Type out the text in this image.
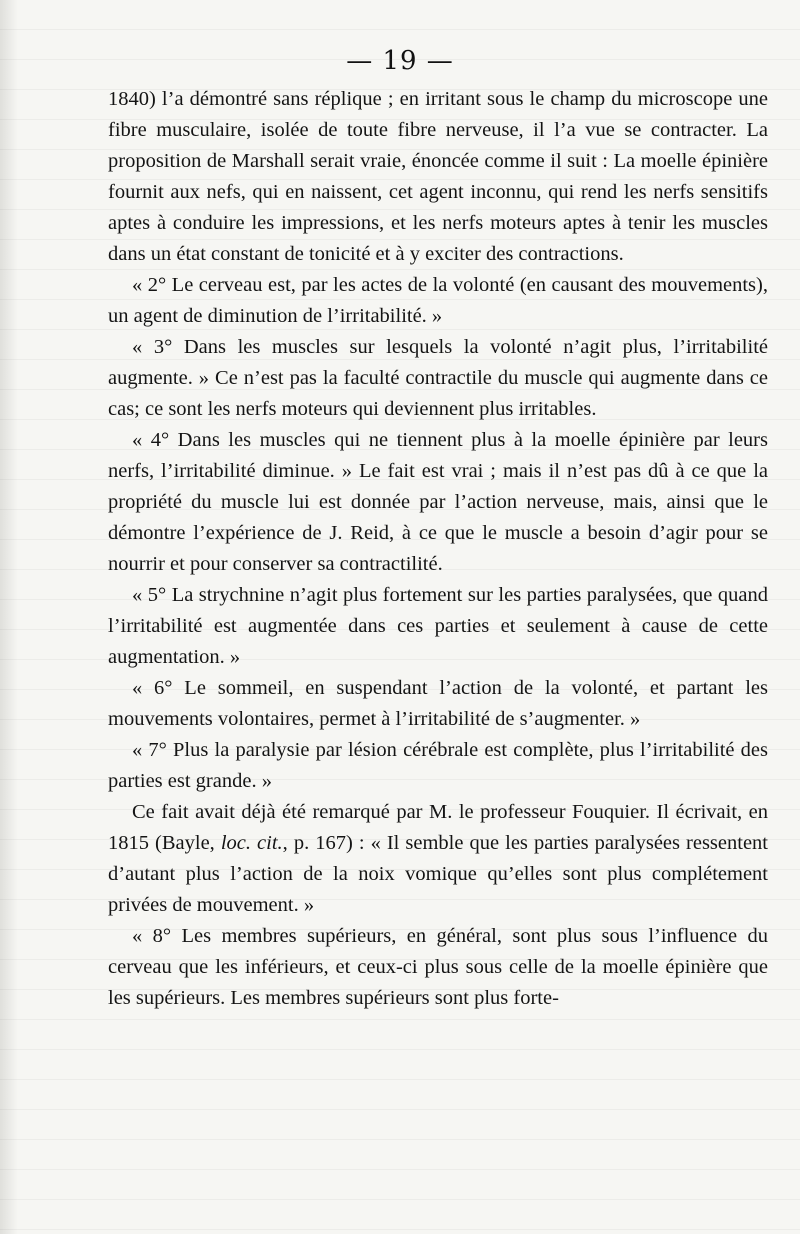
— 19 —

1840) l’a démontré sans réplique ; en irritant sous le champ du microscope une fibre musculaire, isolée de toute fibre nerveuse, il l’a vue se contracter. La proposition de Marshall serait vraie, énoncée comme il suit : La moelle épinière fournit aux nefs, qui en naissent, cet agent inconnu, qui rend les nerfs sensitifs aptes à conduire les impressions, et les nerfs moteurs aptes à tenir les muscles dans un état constant de tonicité et à y exciter des contractions.

« 2° Le cerveau est, par les actes de la volonté (en causant des mouvements), un agent de diminution de l’irritabilité. »

« 3° Dans les muscles sur lesquels la volonté n’agit plus, l’irritabilité augmente. » Ce n’est pas la faculté contractile du muscle qui augmente dans ce cas; ce sont les nerfs moteurs qui deviennent plus irritables.

« 4° Dans les muscles qui ne tiennent plus à la moelle épinière par leurs nerfs, l’irritabilité diminue. » Le fait est vrai ; mais il n’est pas dû à ce que la propriété du muscle lui est donnée par l’action nerveuse, mais, ainsi que le démontre l’expérience de J. Reid, à ce que le muscle a besoin d’agir pour se nourrir et pour conserver sa contractilité.

« 5° La strychnine n’agit plus fortement sur les parties paralysées, que quand l’irritabilité est augmentée dans ces parties et seulement à cause de cette augmentation. »

« 6° Le sommeil, en suspendant l’action de la volonté, et partant les mouvements volontaires, permet à l’irritabilité de s’augmenter. »

« 7° Plus la paralysie par lésion cérébrale est complète, plus l’irritabilité des parties est grande. »

Ce fait avait déjà été remarqué par M. le professeur Fouquier. Il écrivait, en 1815 (Bayle, loc. cit., p. 167) : « Il semble que les parties paralysées ressentent d’autant plus l’action de la noix vomique qu’elles sont plus complétement privées de mouvement. »

« 8° Les membres supérieurs, en général, sont plus sous l’influence du cerveau que les inférieurs, et ceux-ci plus sous celle de la moelle épinière que les supérieurs. Les membres supérieurs sont plus forte-
